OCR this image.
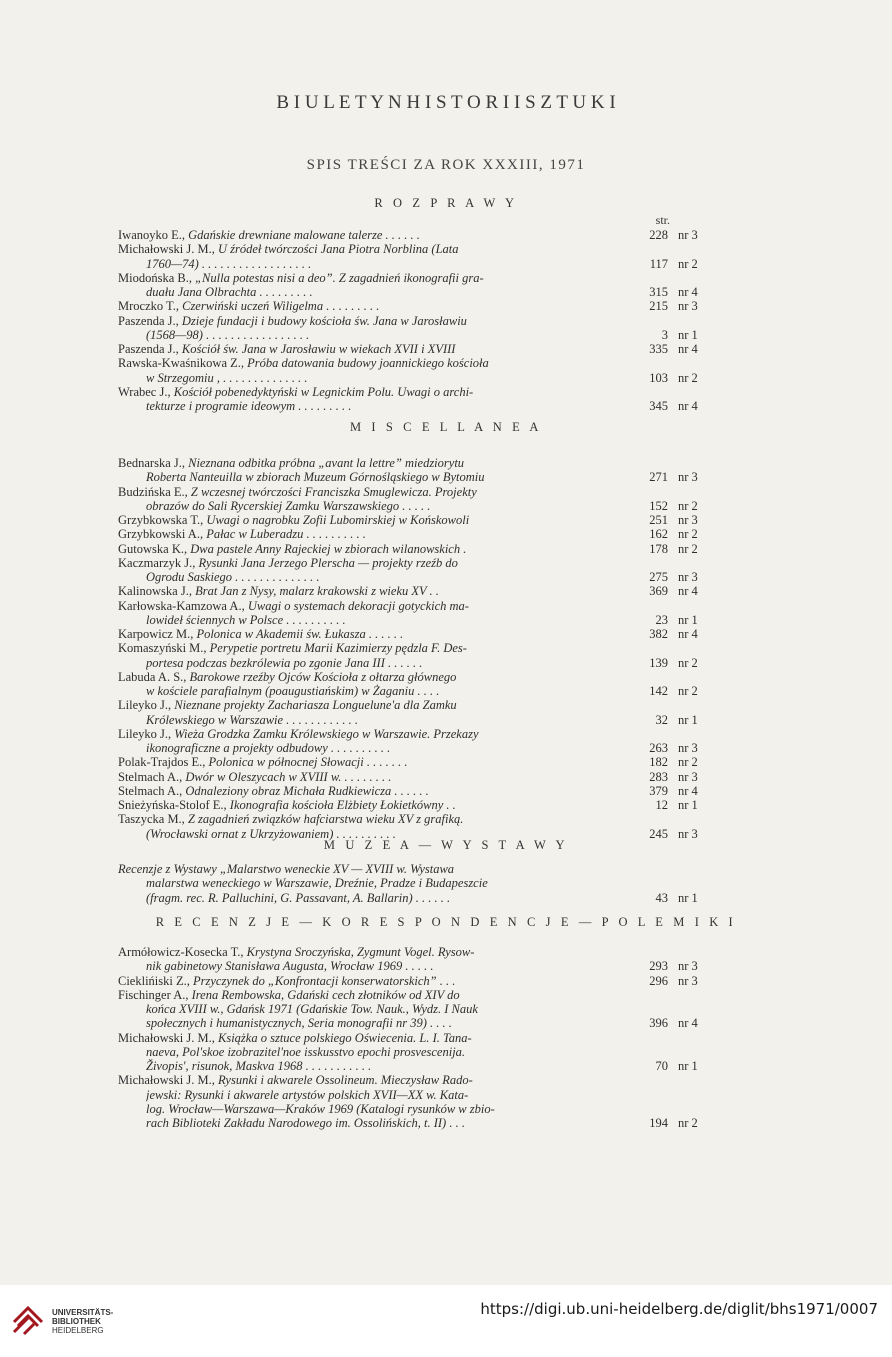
B I U L E T Y N H I S T O R I I S Z T U K I
SPIS TREŚCI ZA ROK XXXIII, 1971
R O Z P R A W Y
str.
M I S C E L L A N E A
M U Z E A — W Y S T A W Y
R E C E N Z J E — K O R E S P O N D E N C J E — P O L E M I K I
Iwanoyko E., Gdańskie drewniane malowane talerze . . . . . .	228 nr 3
Michałowski J. M., U źródeł twórczości Jana Piotra Norblina (Lata
1760—74) . . . . . . . . . . . . . . . . . .	117 nr 2
Miodońska B., „Nulla potestas nisi a deo”. Z zagadnień ikonografii gra-
duału Jana Olbrachta . . . . . . . . .	315 nr 4
Mroczko T., Czerwiński uczeń Wiligelma . . . . . . . . .	215 nr 3
Paszenda J., Dzieje fundacji i budowy kościoła św. Jana w Jarosławiu
(1568—98) . . . . . . . . . . . . . . . . .	3 nr 1
Paszenda J., Kościół św. Jana w Jarosławiu w wiekach XVII i XVIII	335 nr 4
Rawska-Kwaśnikowa Z., Próba datowania budowy joannickiego kościoła
w Strzegomiu , . . . . . . . . . . . . . .	103 nr 2
Wrabec J., Kościół pobenedyktyński w Legnickim Polu. Uwagi o archi-
tekturze i programie ideowym . . . . . . . . .	345 nr 4
Bednarska J., Nieznana odbitka próbna „avant la lettre” miedziorytu
Roberta Nanteuilla w zbiorach Muzeum Górnośląskiego w Bytomiu	271 nr 3
Budzińska E., Z wczesnej twórczości Franciszka Smuglewicza. Projekty
obrazów do Sali Rycerskiej Zamku Warszawskiego . . . . .	152 nr 2
Grzybkowska T., Uwagi o nagrobku Zofii Lubomirskiej w Końskowoli	251 nr 3
Grzybkowski A., Pałac w Luberadzu . . . . . . . . . .	162 nr 2
Gutowska K., Dwa pastele Anny Rajeckiej w zbiorach wilanowskich .	178 nr 2
Kaczmarzyk J., Rysunki Jana Jerzego Plerscha — projekty rzeźb do
Ogrodu Saskiego . . . . . . . . . . . . . .	275 nr 3
Kalinowska J., Brat Jan z Nysy, malarz krakowski z wieku XV . .	369 nr 4
Karłowska-Kamzowa A., Uwagi o systemach dekoracji gotyckich ma-
lowideł ściennych w Polsce . . . . . . . . . .	23 nr 1
Karpowicz M., Polonica w Akademii św. Łukasza . . . . . .	382 nr 4
Komaszyński M., Perypetie portretu Marii Kazimierzy pędzla F. Des-
portesa podczas bezkrólewia po zgonie Jana III . . . . . .	139 nr 2
Labuda A. S., Barokowe rzeźby Ojców Kościoła z ołtarza głównego
w kościele parafialnym (poaugustiańskim) w Żaganiu . . . .	142 nr 2
Lileyko J., Nieznane projekty Zachariasza Longuelune'a dla Zamku
Królewskiego w Warszawie . . . . . . . . . . . .	32 nr 1
Lileyko J., Wieża Grodzka Zamku Królewskiego w Warszawie. Przekazy
ikonograficzne a projekty odbudowy . . . . . . . . . .	263 nr 3
Polak-Trajdos E., Polonica w północnej Słowacji . . . . . . .	182 nr 2
Stelmach A., Dwór w Oleszycach w XVIII w. . . . . . . . .	283 nr 3
Stelmach A., Odnaleziony obraz Michała Rudkiewicza . . . . . .	379 nr 4
Snieżyńska-Stolof E., Ikonografia kościoła Elżbiety Łokietkówny . .	12 nr 1
Taszycka M., Z zagadnień związków hafciarstwa wieku XV z grafiką.
(Wrocławski ornat z Ukrzyżowaniem) . . . . . . . . . .	245 nr 3
Recenzje z Wystawy „Malarstwo weneckie XV — XVIII w. Wystawa
malarstwa weneckiego w Warszawie, Dreźnie, Pradze i Budapeszcie
(fragm. rec. R. Palluchini, G. Passavant, A. Ballarin) . . . . . .	43 nr 1
Armółowicz-Kosecka T., Krystyna Sroczyńska, Zygmunt Vogel. Rysow-
nik gabinetowy Stanisława Augusta, Wrocław 1969 . . . . .	293 nr 3
Cieklińiski Z., Przyczynek do „Konfrontacji konserwatorskich” . . .	296 nr 3
Fischinger A., Irena Rembowska, Gdański cech złotników od XIV do
końca XVIII w., Gdańsk 1971 (Gdańskie Tow. Nauk., Wydz. I Nauk
społecznych i humanistycznych, Seria monografii nr 39) . . . .	396 nr 4
Michałowski J. M., Książka o sztuce polskiego Oświecenia. L. I. Tana-
naeva, Pol'skoe izobrazitel'noe isskusstvo epochi prosvescenija.
Živopis', risunok, Maskva 1968 . . . . . . . . . . .	70 nr 1
Michałowski J. M., Rysunki i akwarele Ossolineum. Mieczysław Rado-
jewski: Rysunki i akwarele artystów polskich XVII—XX w. Kata-
log. Wrocław—Warszawa—Kraków 1969 (Katalogi rysunków w zbio-
rach Biblioteki Zakładu Narodowego im. Ossolińskich, t. II) . . .	194 nr 2
UNIVERSITÄTS-
BIBLIOTHEK
HEIDELBERG
https://digi.ub.uni-heidelberg.de/diglit/bhs1971/0007
